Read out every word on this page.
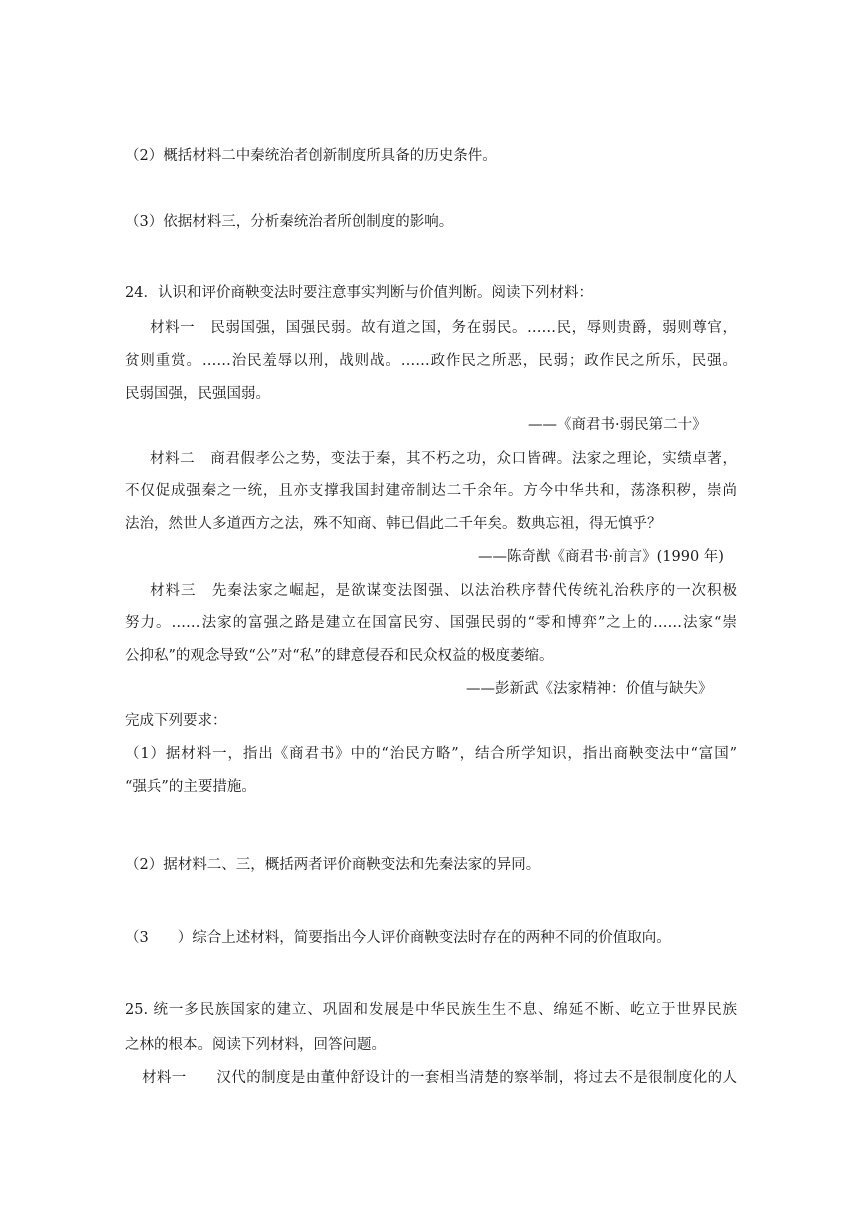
（2）概括材料二中秦统治者创新制度所具备的历史条件。
（3）依据材料三，分析秦统治者所创制度的影响。
24．认识和评价商鞅变法时要注意事实判断与价值判断。阅读下列材料：
材料一　民弱国强，国强民弱。故有道之国，务在弱民。……民，辱则贵爵，弱则尊官，
贫则重赏。……治民羞辱以刑，战则战。……政作民之所恶，民弱；政作民之所乐，民强。
民弱国强，民强国弱。
——《商君书·弱民第二十》
材料二　商君假孝公之势，变法于秦，其不朽之功，众口皆碑。法家之理论，实绩卓著，
不仅促成强秦之一统，且亦支撑我国封建帝制达二千余年。方今中华共和，荡涤积秽，崇尚
法治，然世人多道西方之法，殊不知商、韩已倡此二千年矣。数典忘祖，得无慎乎？
——陈奇猷《商君书·前言》(1990 年)
材料三　先秦法家之崛起，是欲谋变法图强、以法治秩序替代传统礼治秩序的一次积极
努力。……法家的富强之路是建立在国富民穷、国强民弱的“零和博弈”之上的……法家“崇
公抑私”的观念导致“公”对“私”的肆意侵吞和民众权益的极度萎缩。
——彭新武《法家精神：价值与缺失》
完成下列要求：
（1）据材料一，指出《商君书》中的“治民方略”，结合所学知识，指出商鞅变法中“富国”
“强兵”的主要措施。
（2）据材料二、三，概括两者评价商鞅变法和先秦法家的异同。
（3　　）综合上述材料，简要指出今人评价商鞅变法时存在的两种不同的价值取向。
25. 统一多民族国家的建立、巩固和发展是中华民族生生不息、绵延不断、屹立于世界民族
之林的根本。阅读下列材料，回答问题。
材料一　　汉代的制度是由董仲舒设计的一套相当清楚的察举制，将过去不是很制度化的人
